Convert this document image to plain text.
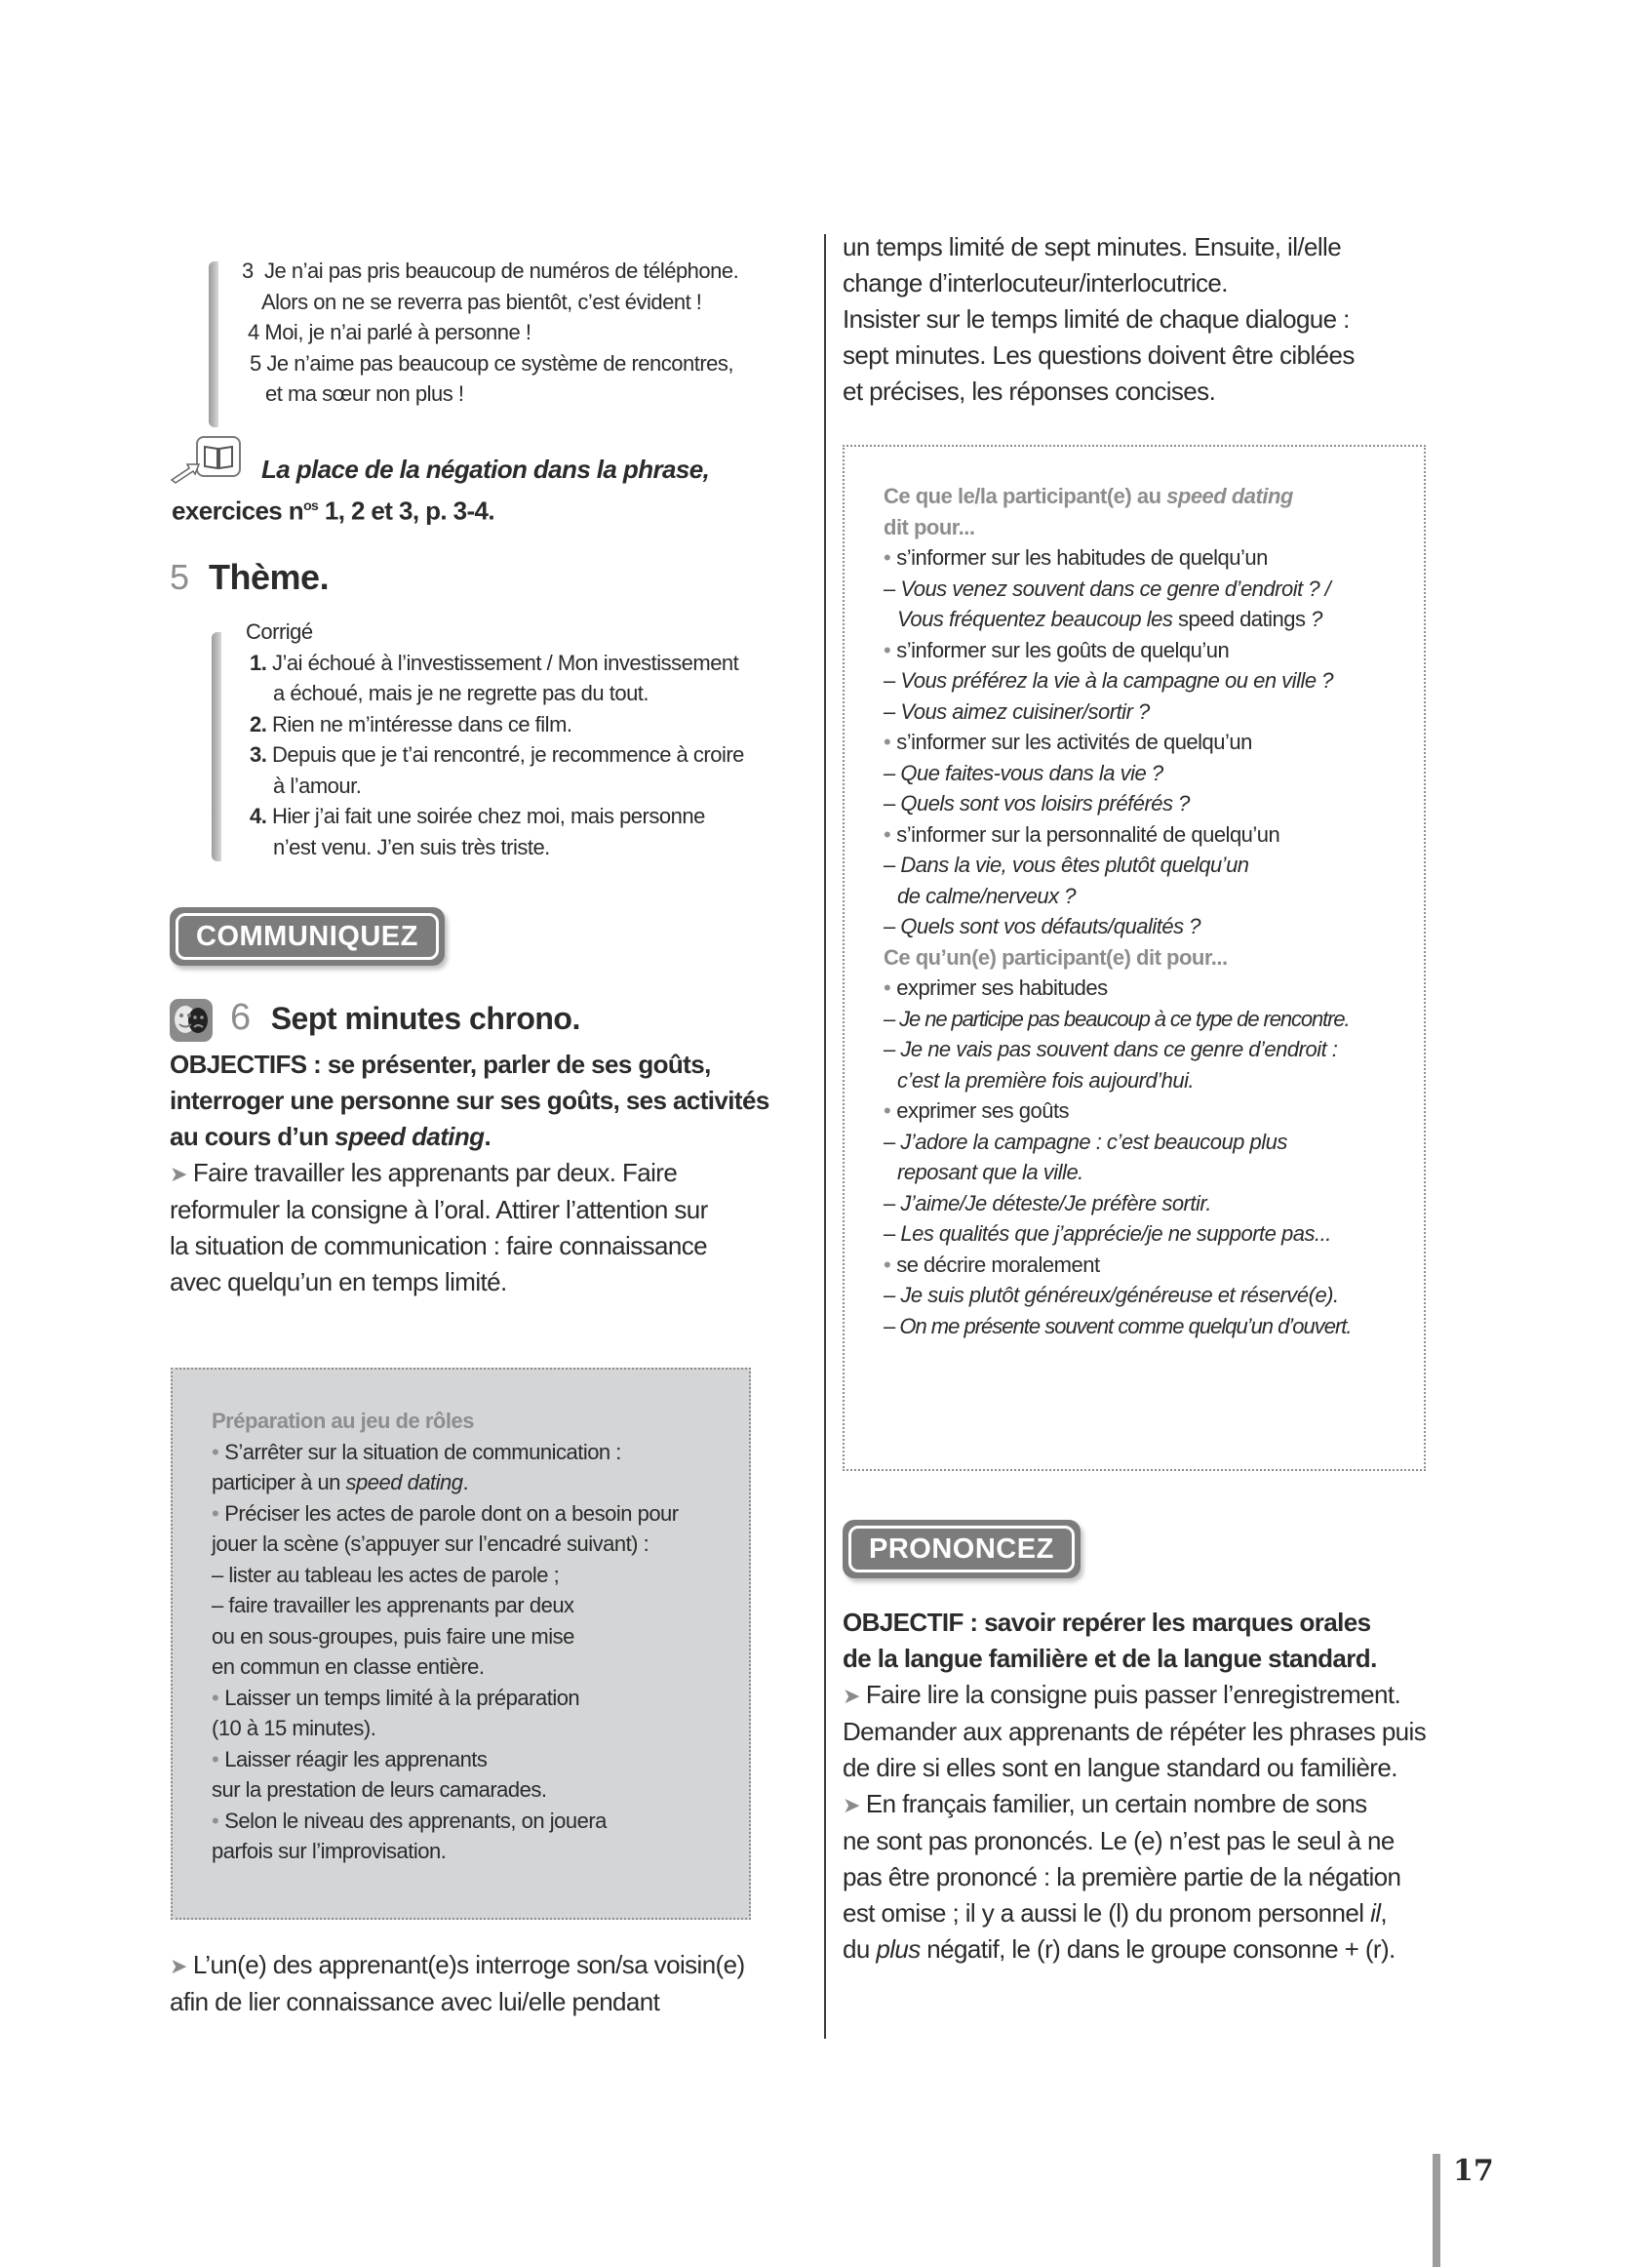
3 Je n’ai pas pris beaucoup de numéros de téléphone.
Alors on ne se reverra pas bientôt, c’est évident !
4 Moi, je n’ai parlé à personne !
5 Je n’aime pas beaucoup ce système de rencontres,
et ma sœur non plus !
La place de la négation dans la phrase,
exercices $n^{os}$ 1, 2 et 3, p. 3-4.
5 Thème.
Corrigé
1. J’ai échoué à l’investissement / Mon investissement
a échoué, mais je ne regrette pas du tout.
2. Rien ne m’intéresse dans ce film.
3. Depuis que je t’ai rencontré, je recommence à croire
à l’amour.
4. Hier j’ai fait une soirée chez moi, mais personne
n’est venu. J’en suis très triste.
COMMUNIQUEZ
6 Sept minutes chrono.
OBJECTIFS : se présenter, parler de ses goûts,
interroger une personne sur ses goûts, ses activités
au cours d’un speed dating.
➤ Faire travailler les apprenants par deux. Faire
reformuler la consigne à l’oral. Attirer l’attention sur
la situation de communication : faire connaissance
avec quelqu’un en temps limité.
Préparation au jeu de rôles
• S’arrêter sur la situation de communication :
participer à un speed dating.
• Préciser les actes de parole dont on a besoin pour
jouer la scène (s’appuyer sur l’encadré suivant) :
– lister au tableau les actes de parole ;
– faire travailler les apprenants par deux
ou en sous-groupes, puis faire une mise
en commun en classe entière.
• Laisser un temps limité à la préparation
(10 à 15 minutes).
• Laisser réagir les apprenants
sur la prestation de leurs camarades.
• Selon le niveau des apprenants, on jouera
parfois sur l’improvisation.
➤ L’un(e) des apprenant(e)s interroge son/sa voisin(e)
afin de lier connaissance avec lui/elle pendant
un temps limité de sept minutes. Ensuite, il/elle
change d’interlocuteur/interlocutrice.
Insister sur le temps limité de chaque dialogue :
sept minutes. Les questions doivent être ciblées
et précises, les réponses concises.
Ce que le/la participant(e) au speed dating
dit pour...
• s’informer sur les habitudes de quelqu’un
– Vous venez souvent dans ce genre d’endroit ? /
Vous fréquentez beaucoup les speed datings ?
• s’informer sur les goûts de quelqu’un
– Vous préférez la vie à la campagne ou en ville ?
– Vous aimez cuisiner/sortir ?
• s’informer sur les activités de quelqu’un
– Que faites-vous dans la vie ?
– Quels sont vos loisirs préférés ?
• s’informer sur la personnalité de quelqu’un
– Dans la vie, vous êtes plutôt quelqu’un
de calme/nerveux ?
– Quels sont vos défauts/qualités ?
Ce qu’un(e) participant(e) dit pour...
• exprimer ses habitudes
– Je ne participe pas beaucoup à ce type de rencontre.
– Je ne vais pas souvent dans ce genre d’endroit :
c’est la première fois aujourd’hui.
• exprimer ses goûts
– J’adore la campagne : c’est beaucoup plus
reposant que la ville.
– J’aime/Je déteste/Je préfère sortir.
– Les qualités que j’apprécie/je ne supporte pas...
• se décrire moralement
– Je suis plutôt généreux/généreuse et réservé(e).
– On me présente souvent comme quelqu’un d’ouvert.
PRONONCEZ
OBJECTIF : savoir repérer les marques orales
de la langue familière et de la langue standard.
➤ Faire lire la consigne puis passer l’enregistrement.
Demander aux apprenants de répéter les phrases puis
de dire si elles sont en langue standard ou familière.
➤ En français familier, un certain nombre de sons
ne sont pas prononcés. Le (e) n’est pas le seul à ne
pas être prononcé : la première partie de la négation
est omise ; il y a aussi le (l) du pronom personnel il,
du plus négatif, le (r) dans le groupe consonne + (r).
17
